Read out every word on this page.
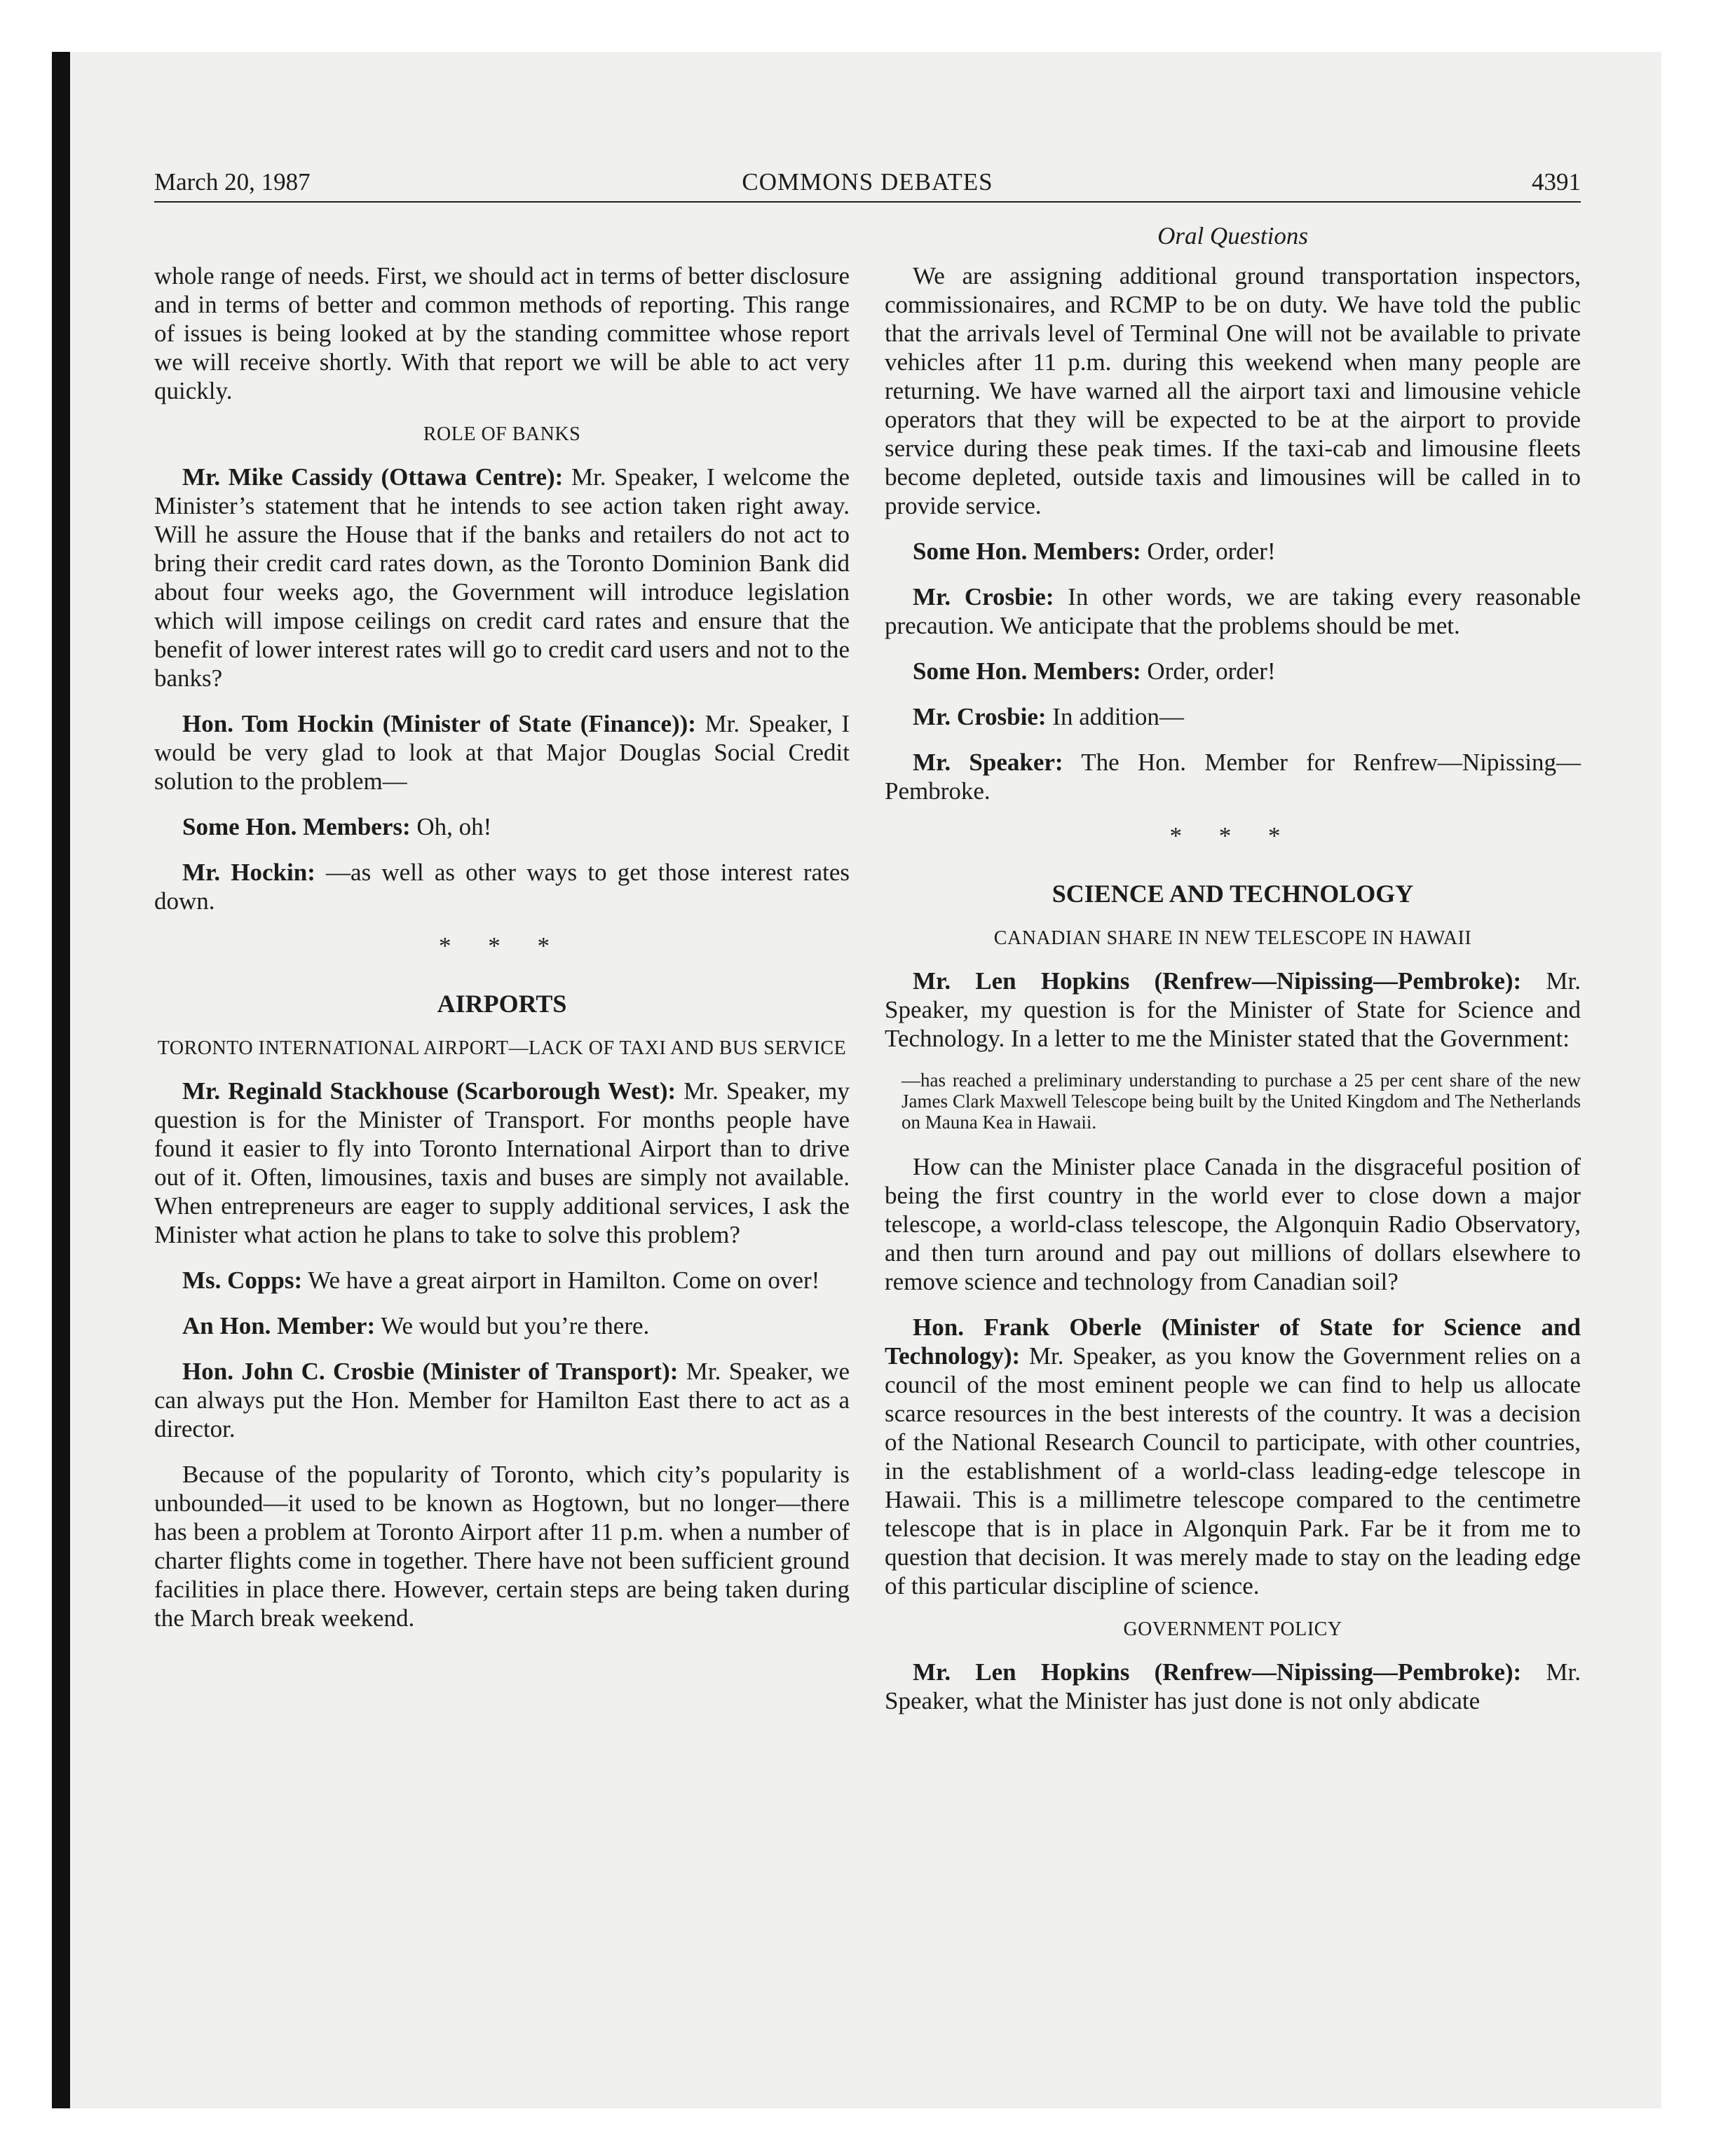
March 20, 1987	COMMONS DEBATES	4391
Oral Questions

whole range of needs. First, we should act in terms of better disclosure and in terms of better and common methods of reporting. This range of issues is being looked at by the standing committee whose report we will receive shortly. With that report we will be able to act very quickly.

ROLE OF BANKS

Mr. Mike Cassidy (Ottawa Centre): Mr. Speaker, I welcome the Minister’s statement that he intends to see action taken right away. Will he assure the House that if the banks and retailers do not act to bring their credit card rates down, as the Toronto Dominion Bank did about four weeks ago, the Government will introduce legislation which will impose ceilings on credit card rates and ensure that the benefit of lower interest rates will go to credit card users and not to the banks?

Hon. Tom Hockin (Minister of State (Finance)): Mr. Speaker, I would be very glad to look at that Major Douglas Social Credit solution to the problem—

Some Hon. Members: Oh, oh!

Mr. Hockin: —as well as other ways to get those interest rates down.

* * *
AIRPORTS
TORONTO INTERNATIONAL AIRPORT—LACK OF TAXI AND BUS SERVICE

Mr. Reginald Stackhouse (Scarborough West): Mr. Speaker, my question is for the Minister of Transport. For months people have found it easier to fly into Toronto International Airport than to drive out of it. Often, limousines, taxis and buses are simply not available. When entrepreneurs are eager to supply additional services, I ask the Minister what action he plans to take to solve this problem?

Ms. Copps: We have a great airport in Hamilton. Come on over!

An Hon. Member: We would but you’re there.

Hon. John C. Crosbie (Minister of Transport): Mr. Speaker, we can always put the Hon. Member for Hamilton East there to act as a director.

Because of the popularity of Toronto, which city’s popularity is unbounded—it used to be known as Hogtown, but no longer—there has been a problem at Toronto Airport after 11 p.m. when a number of charter flights come in together. There have not been sufficient ground facilities in place there. However, certain steps are being taken during the March break weekend.

We are assigning additional ground transportation inspectors, commissionaires, and RCMP to be on duty. We have told the public that the arrivals level of Terminal One will not be available to private vehicles after 11 p.m. during this weekend when many people are returning. We have warned all the airport taxi and limousine vehicle operators that they will be expected to be at the airport to provide service during these peak times. If the taxi-cab and limousine fleets become depleted, outside taxis and limousines will be called in to provide service.

Some Hon. Members: Order, order!

Mr. Crosbie: In other words, we are taking every reasonable precaution. We anticipate that the problems should be met.

Some Hon. Members: Order, order!

Mr. Crosbie: In addition—

Mr. Speaker: The Hon. Member for Renfrew—Nipissing—Pembroke.

* * *
SCIENCE AND TECHNOLOGY
CANADIAN SHARE IN NEW TELESCOPE IN HAWAII

Mr. Len Hopkins (Renfrew—Nipissing—Pembroke): Mr. Speaker, my question is for the Minister of State for Science and Technology. In a letter to me the Minister stated that the Government:

—has reached a preliminary understanding to purchase a 25 per cent share of the new James Clark Maxwell Telescope being built by the United Kingdom and The Netherlands on Mauna Kea in Hawaii.

How can the Minister place Canada in the disgraceful position of being the first country in the world ever to close down a major telescope, a world-class telescope, the Algonquin Radio Observatory, and then turn around and pay out millions of dollars elsewhere to remove science and technology from Canadian soil?

Hon. Frank Oberle (Minister of State for Science and Technology): Mr. Speaker, as you know the Government relies on a council of the most eminent people we can find to help us allocate scarce resources in the best interests of the country. It was a decision of the National Research Council to participate, with other countries, in the establishment of a world-class leading-edge telescope in Hawaii. This is a millimetre telescope compared to the centimetre telescope that is in place in Algonquin Park. Far be it from me to question that decision. It was merely made to stay on the leading edge of this particular discipline of science.

GOVERNMENT POLICY

Mr. Len Hopkins (Renfrew—Nipissing—Pembroke): Mr. Speaker, what the Minister has just done is not only abdicate
